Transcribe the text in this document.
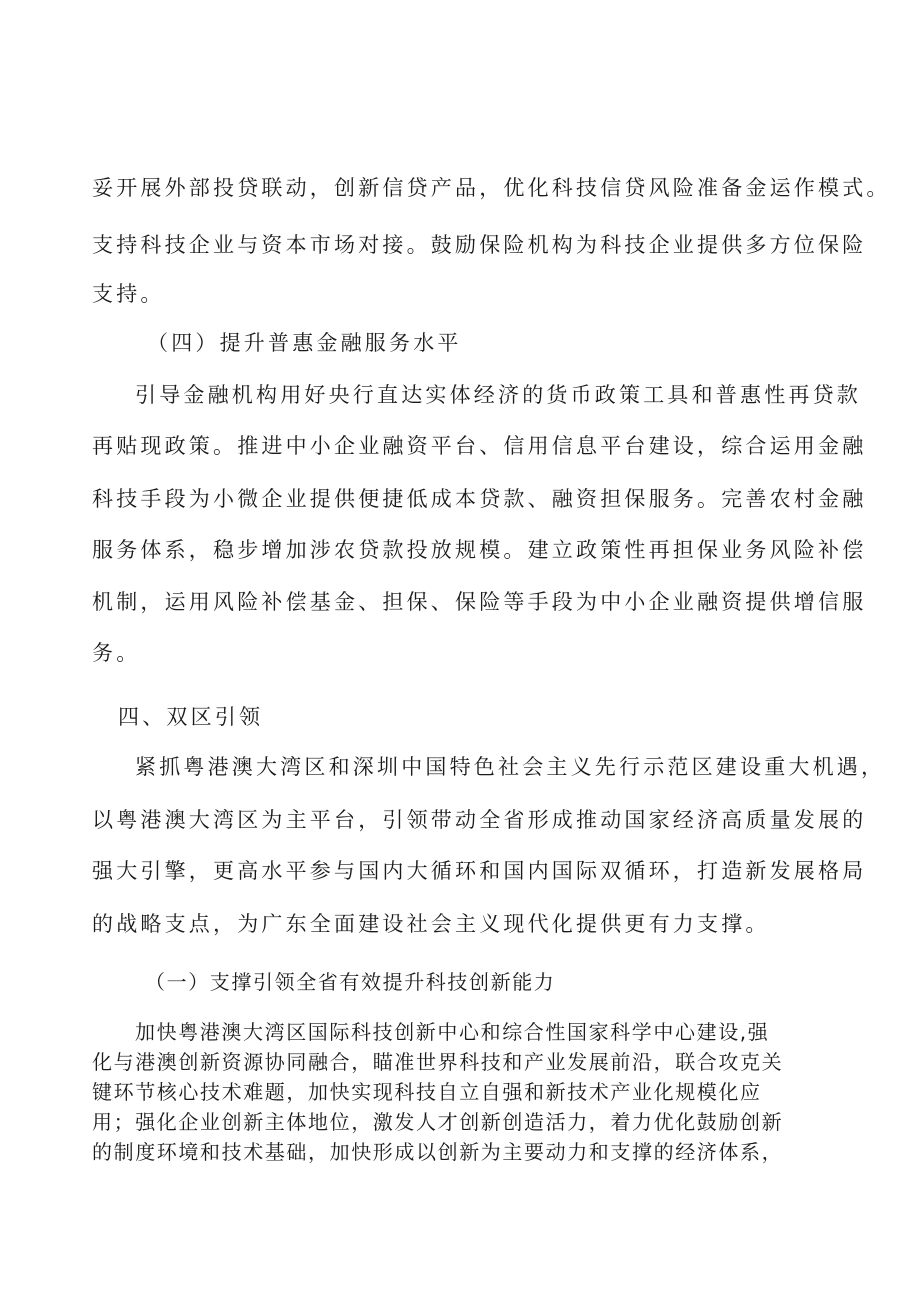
妥开展外部投贷联动，创新信贷产品，优化科技信贷风险准备金运作模式。
支持科技企业与资本市场对接。鼓励保险机构为科技企业提供多方位保险
支持。
（四）提升普惠金融服务水平
引导金融机构用好央行直达实体经济的货币政策工具和普惠性再贷款
再贴现政策。推进中小企业融资平台、信用信息平台建设，综合运用金融
科技手段为小微企业提供便捷低成本贷款、融资担保服务。完善农村金融
服务体系，稳步增加涉农贷款投放规模。建立政策性再担保业务风险补偿
机制，运用风险补偿基金、担保、保险等手段为中小企业融资提供增信服
务。
四、双区引领
紧抓粤港澳大湾区和深圳中国特色社会主义先行示范区建设重大机遇，
以粤港澳大湾区为主平台，引领带动全省形成推动国家经济高质量发展的
强大引擎，更高水平参与国内大循环和国内国际双循环，打造新发展格局
的战略支点，为广东全面建设社会主义现代化提供更有力支撑。
（一）支撑引领全省有效提升科技创新能力
加快粤港澳大湾区国际科技创新中心和综合性国家科学中心建设,强
化与港澳创新资源协同融合，瞄准世界科技和产业发展前沿，联合攻克关
键环节核心技术难题，加快实现科技自立自强和新技术产业化规模化应
用；强化企业创新主体地位，激发人才创新创造活力，着力优化鼓励创新
的制度环境和技术基础，加快形成以创新为主要动力和支撑的经济体系，
